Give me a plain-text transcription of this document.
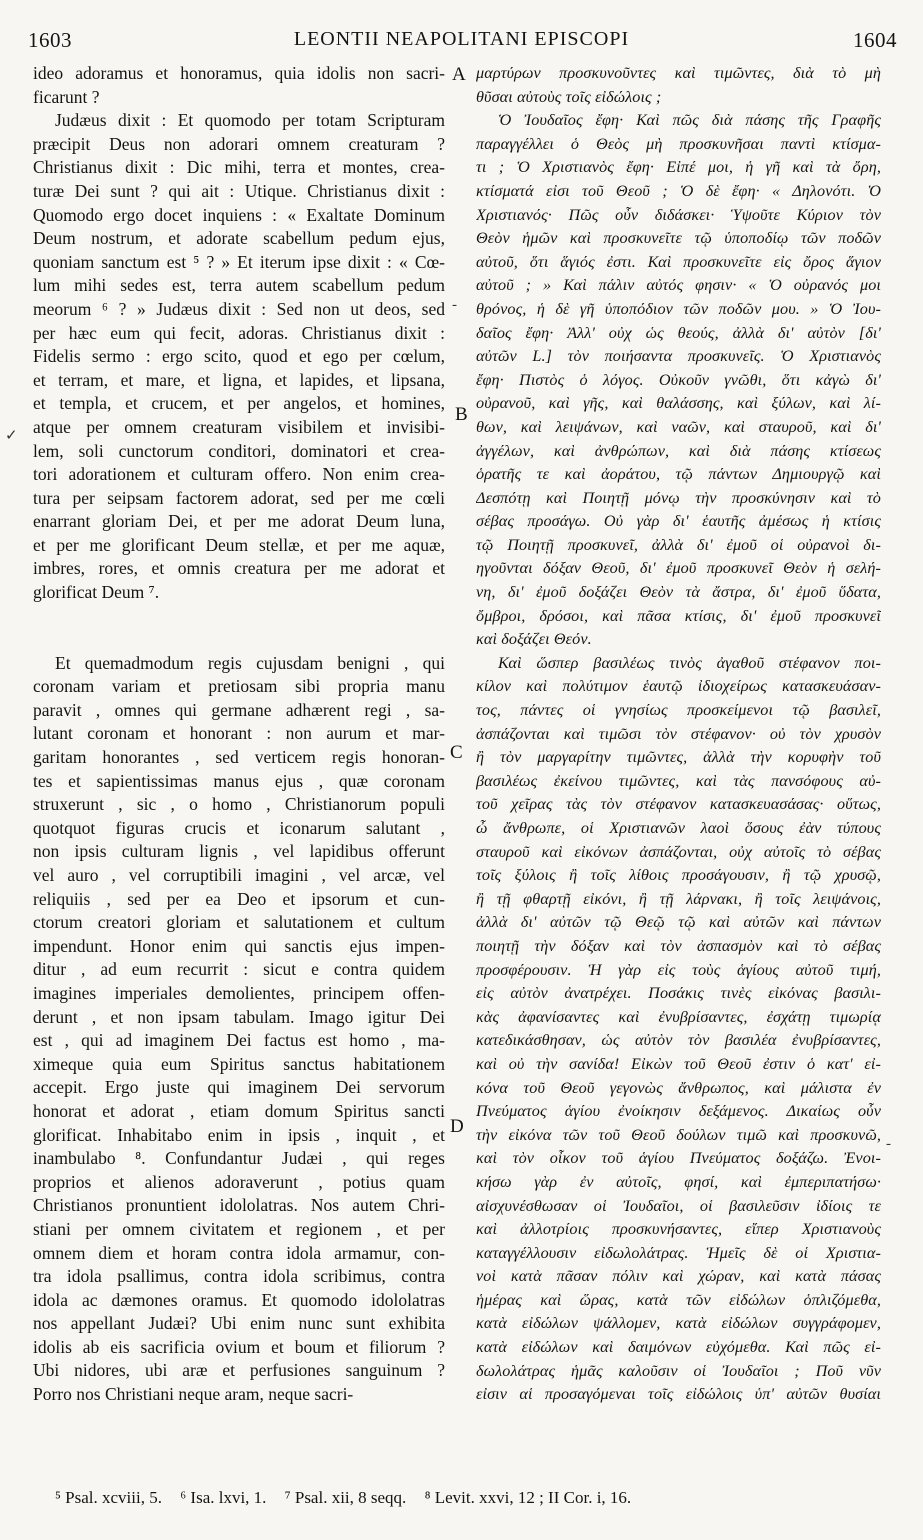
1603	LEONTII NEAPOLITANI EPISCOPI	1604
A
B
C
D
-
✓
-
ideo adoramus et honoramus, quia idolis non sacri-
ficarunt ?
Judæus dixit : Et quomodo per totam Scripturam
præcipit Deus non adorari omnem creaturam ?
Christianus dixit : Dic mihi, terra et montes, crea-
turæ Dei sunt ? qui ait : Utique. Christianus dixit :
Quomodo ergo docet inquiens : « Exaltate Dominum
Deum nostrum, et adorate scabellum pedum ejus,
quoniam sanctum est ⁵ ? » Et iterum ipse dixit : « Cœ-
lum mihi sedes est, terra autem scabellum pedum
meorum ⁶ ? » Judæus dixit : Sed non ut deos, sed
per hæc eum qui fecit, adoras. Christianus dixit :
Fidelis sermo : ergo scito, quod et ego per cœlum,
et terram, et mare, et ligna, et lapides, et lipsana,
et templa, et crucem, et per angelos, et homines,
atque per omnem creaturam visibilem et invisibi-
lem, soli cunctorum conditori, dominatori et crea-
tori adorationem et culturam offero. Non enim crea-
tura per seipsam factorem adorat, sed per me cœli
enarrant gloriam Dei, et per me adorat Deum luna,
et per me glorificant Deum stellæ, et per me aquæ,
imbres, rores, et omnis creatura per me adorat et
glorificat Deum ⁷.
Et quemadmodum regis cujusdam benigni , qui
coronam variam et pretiosam sibi propria manu
paravit , omnes qui germane adhærent regi , sa-
lutant coronam et honorant : non aurum et mar-
garitam honorantes , sed verticem regis honoran-
tes et sapientissimas manus ejus , quæ coronam
struxerunt , sic , o homo , Christianorum populi
quotquot figuras crucis et iconarum salutant ,
non ipsis culturam lignis , vel lapidibus offerunt
vel auro , vel corruptibili imagini , vel arcæ, vel
reliquiis , sed per ea Deo et ipsorum et cun-
ctorum creatori gloriam et salutationem et cultum
impendunt. Honor enim qui sanctis ejus impen-
ditur , ad eum recurrit : sicut e contra quidem
imagines imperiales demolientes, principem offen-
derunt , et non ipsam tabulam. Imago igitur Dei
est , qui ad imaginem Dei factus est homo , ma-
ximeque quia eum Spiritus sanctus habitationem
accepit. Ergo juste qui imaginem Dei servorum
honorat et adorat , etiam domum Spiritus sancti
glorificat. Inhabitabo enim in ipsis , inquit , et
inambulabo ⁸. Confundantur Judæi , qui reges
proprios et alienos adoraverunt , potius quam
Christianos pronuntient idololatras. Nos autem Chri-
stiani per omnem civitatem et regionem , et per
omnem diem et horam contra idola armamur, con-
tra idola psallimus, contra idola scribimus, contra
idola ac dæmones oramus. Et quomodo idololatras
nos appellant Judæi? Ubi enim nunc sunt exhibita
idolis ab eis sacrificia ovium et boum et filiorum ?
Ubi nidores, ubi aræ et perfusiones sanguinum ?
Porro nos Christiani neque aram, neque sacri-
μαρτύρων προσκυνοῦντες καὶ τιμῶντες, διὰ τὸ μὴ
θῦσαι αὐτοὺς τοῖς εἰδώλοις ;
Ὁ Ἰουδαῖος ἔφη· Καὶ πῶς διὰ πάσης τῆς Γραφῆς
παραγγέλλει ὁ Θεὸς μὴ προσκυνῆσαι παντὶ κτίσμα-
τι ; Ὁ Χριστιανὸς ἔφη· Εἰπέ μοι, ἡ γῆ καὶ τὰ ὄρη,
κτίσματά εἰσι τοῦ Θεοῦ ; Ὁ δὲ ἔφη· « Δηλονότι. Ὁ
Χριστιανός· Πῶς οὖν διδάσκει· Ὑψοῦτε Κύριον τὸν
Θεὸν ἡμῶν καὶ προσκυνεῖτε τῷ ὑποποδίῳ τῶν ποδῶν
αὐτοῦ, ὅτι ἅγιός ἐστι. Καὶ προσκυνεῖτε εἰς ὄρος ἅγιον
αὐτοῦ ; » Καὶ πάλιν αὐτός φησιν· « Ὁ οὐρανός μοι
θρόνος, ἡ δὲ γῆ ὑποπόδιον τῶν ποδῶν μου. » Ὁ Ἰου-
δαῖος ἔφη· Ἀλλ' οὐχ ὡς θεούς, ἀλλὰ δι' αὐτὸν [δι'
αὐτῶν L.] τὸν ποιήσαντα προσκυνεῖς. Ὁ Χριστιανὸς
ἔφη· Πιστὸς ὁ λόγος. Οὐκοῦν γνῶθι, ὅτι κἀγὼ δι'
οὐρανοῦ, καὶ γῆς, καὶ θαλάσσης, καὶ ξύλων, καὶ λί-
θων, καὶ λειψάνων, καὶ ναῶν, καὶ σταυροῦ, καὶ δι'
ἀγγέλων, καὶ ἀνθρώπων, καὶ διὰ πάσης κτίσεως
ὁρατῆς τε καὶ ἀοράτου, τῷ πάντων Δημιουργῷ καὶ
Δεσπότῃ καὶ Ποιητῇ μόνῳ τὴν προσκύνησιν καὶ τὸ
σέβας προσάγω. Οὐ γὰρ δι' ἑαυτῆς ἀμέσως ἡ κτίσις
τῷ Ποιητῇ προσκυνεῖ, ἀλλὰ δι' ἐμοῦ οἱ οὐρανοὶ δι-
ηγοῦνται δόξαν Θεοῦ, δι' ἐμοῦ προσκυνεῖ Θεὸν ἡ σελή-
νη, δι' ἐμοῦ δοξάζει Θεὸν τὰ ἄστρα, δι' ἐμοῦ ὕδατα,
ὄμβροι, δρόσοι, καὶ πᾶσα κτίσις, δι' ἐμοῦ προσκυνεῖ
καὶ δοξάζει Θεόν.
Καὶ ὥσπερ βασιλέως τινὸς ἀγαθοῦ στέφανον ποι-
κίλον καὶ πολύτιμον ἑαυτῷ ἰδιοχείρως κατασκευάσαν-
τος, πάντες οἱ γνησίως προσκείμενοι τῷ βασιλεῖ,
ἀσπάζονται καὶ τιμῶσι τὸν στέφανον· οὐ τὸν χρυσὸν
ἢ τὸν μαργαρίτην τιμῶντες, ἀλλὰ τὴν κορυφὴν τοῦ
βασιλέως ἐκείνου τιμῶντες, καὶ τὰς πανσόφους αὐ-
τοῦ χεῖρας τὰς τὸν στέφανον κατασκευασάσας· οὕτως,
ὦ ἄνθρωπε, οἱ Χριστιανῶν λαοὶ ὅσους ἐὰν τύπους
σταυροῦ καὶ εἰκόνων ἀσπάζονται, οὐχ αὐτοῖς τὸ σέβας
τοῖς ξύλοις ἢ τοῖς λίθοις προσάγουσιν, ἢ τῷ χρυσῷ,
ἢ τῇ φθαρτῇ εἰκόνι, ἢ τῇ λάρνακι, ἢ τοῖς λειψάνοις,
ἀλλὰ δι' αὐτῶν τῷ Θεῷ τῷ καὶ αὐτῶν καὶ πάντων
ποιητῇ τὴν δόξαν καὶ τὸν ἀσπασμὸν καὶ τὸ σέβας
προσφέρουσιν. Ἡ γὰρ εἰς τοὺς ἁγίους αὐτοῦ τιμή,
εἰς αὐτὸν ἀνατρέχει. Ποσάκις τινὲς εἰκόνας βασιλι-
κὰς ἀφανίσαντες καὶ ἐνυβρίσαντες, ἐσχάτῃ τιμωρίᾳ
κατεδικάσθησαν, ὡς αὐτὸν τὸν βασιλέα ἐνυβρίσαντες,
καὶ οὐ τὴν σανίδα! Εἰκὼν τοῦ Θεοῦ ἐστιν ὁ κατ' εἰ-
κόνα τοῦ Θεοῦ γεγονὼς ἄνθρωπος, καὶ μάλιστα ἐν
Πνεύματος ἁγίου ἐνοίκησιν δεξάμενος. Δικαίως οὖν
τὴν εἰκόνα τῶν τοῦ Θεοῦ δούλων τιμῶ καὶ προσκυνῶ,
καὶ τὸν οἶκον τοῦ ἁγίου Πνεύματος δοξάζω. Ἐνοι-
κήσω γὰρ ἐν αὐτοῖς, φησί, καὶ ἐμπεριπατήσω·
αἰσχυνέσθωσαν οἱ Ἰουδαῖοι, οἱ βασιλεῦσιν ἰδίοις τε
καὶ ἀλλοτρίοις προσκυνήσαντες, εἴπερ Χριστιανοὺς
καταγγέλλουσιν εἰδωλολάτρας. Ἡμεῖς δὲ οἱ Χριστια-
νοὶ κατὰ πᾶσαν πόλιν καὶ χώραν, καὶ κατὰ πάσας
ἡμέρας καὶ ὥρας, κατὰ τῶν εἰδώλων ὁπλιζόμεθα,
κατὰ εἰδώλων ψάλλομεν, κατὰ εἰδώλων συγγράφομεν,
κατὰ εἰδώλων καὶ δαιμόνων εὐχόμεθα. Καὶ πῶς εἰ-
δωλολάτρας ἡμᾶς καλοῦσιν οἱ Ἰουδαῖοι ; Ποῦ νῦν
εἰσιν αἱ προσαγόμεναι τοῖς εἰδώλοις ὑπ' αὐτῶν θυσίαι
⁵ Psal. xcviii, 5. ⁶ Isa. lxvi, 1. ⁷ Psal. xii, 8 seqq. ⁸ Levit. xxvi, 12 ; II Cor. i, 16.
